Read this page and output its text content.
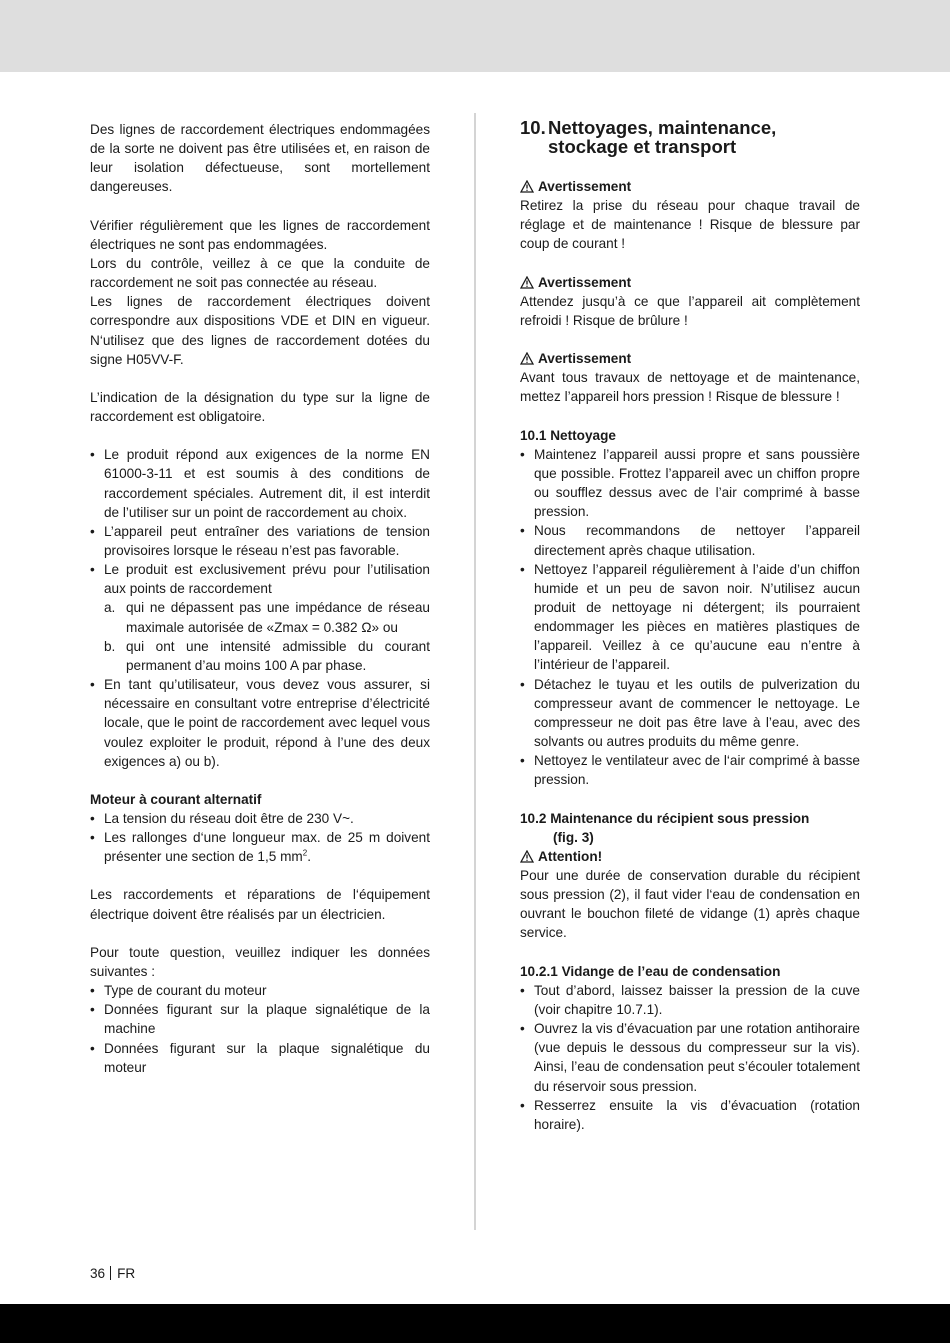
Des lignes de raccordement électriques endommagées de la sorte ne doivent pas être utilisées et, en raison de leur isolation défectueuse, sont mortellement dangereuses.

Vérifier régulièrement que les lignes de raccordement électriques ne sont pas endommagées.

Lors du contrôle, veillez à ce que la conduite de raccordement ne soit pas connectée au réseau.

Les lignes de raccordement électriques doivent correspondre aux dispositions VDE et DIN en vigueur. N‘utilisez que des lignes de raccordement dotées du signe H05VV-F.

L’indication de la désignation du type sur la ligne de raccordement est obligatoire.

• Le produit répond aux exigences de la norme EN 61000-3-11 et est soumis à des conditions de raccordement spéciales. Autrement dit, il est interdit de l’utiliser sur un point de raccordement au choix.
• L’appareil peut entraîner des variations de tension provisoires lorsque le réseau n’est pas favorable.
• Le produit est exclusivement prévu pour l’utilisation aux points de raccordement
a. qui ne dépassent pas une impédance de réseau maximale autorisée de «Zmax = 0.382 Ω» ou
b. qui ont une intensité admissible du courant permanent d’au moins 100 A par phase.
• En tant qu’utilisateur, vous devez vous assurer, si nécessaire en consultant votre entreprise d’électricité locale, que le point de raccordement avec lequel vous voulez exploiter le produit, répond à l’une des deux exigences a) ou b).

Moteur à courant alternatif

• La tension du réseau doit être de 230 V~.
• Les rallonges d‘une longueur max. de 25 m doivent présenter une section de 1,5 $mm^2$.

Les raccordements et réparations de l‘équipement électrique doivent être réalisés par un électricien.

Pour toute question, veuillez indiquer les données suivantes :

• Type de courant du moteur
• Données figurant sur la plaque signalétique de la machine
• Données figurant sur la plaque signalétique du moteur
10. Nettoyages, maintenance, stockage et transport
Avertissement

Retirez la prise du réseau pour chaque travail de réglage et de maintenance ! Risque de blessure par coup de courant !

Avertissement

Attendez jusqu’à ce que l’appareil ait complètement refroidi ! Risque de brûlure !

Avertissement

Avant tous travaux de nettoyage et de maintenance, mettez l’appareil hors pression ! Risque de blessure !

10.1 Nettoyage

• Maintenez l’appareil aussi propre et sans poussière que possible. Frottez l’appareil avec un chiffon propre ou soufflez dessus avec de l’air comprimé à basse pression.
• Nous recommandons de nettoyer l’appareil directement après chaque utilisation.
• Nettoyez l’appareil régulièrement à l’aide d’un chiffon humide et un peu de savon noir. N’utilisez aucun produit de nettoyage ni détergent; ils pourraient endommager les pièces en matières plastiques de l’appareil. Veillez à ce qu’aucune eau n’entre à l’intérieur de l’appareil.
• Détachez le tuyau et les outils de pulverization du compresseur avant de commencer le nettoyage. Le compresseur ne doit pas être lave à l’eau, avec des solvants ou autres produits du même genre.
• Nettoyez le ventilateur avec de l‘air comprimé à basse pression.

10.2 Maintenance du récipient sous pression

(fig. 3)

Attention!

Pour une durée de conservation durable du récipient sous pression (2), il faut vider l‘eau de condensation en ouvrant le bouchon fileté de vidange (1) après chaque service.

10.2.1 Vidange de l’eau de condensation

• Tout d’abord, laissez baisser la pression de la cuve (voir chapitre 10.7.1).
• Ouvrez la vis d’évacuation par une rotation antihoraire (vue depuis le dessous du compresseur sur la vis). Ainsi, l’eau de condensation peut s’écouler totalement du réservoir sous pression.
• Resserrez ensuite la vis d’évacuation (rotation horaire).
36 FR
